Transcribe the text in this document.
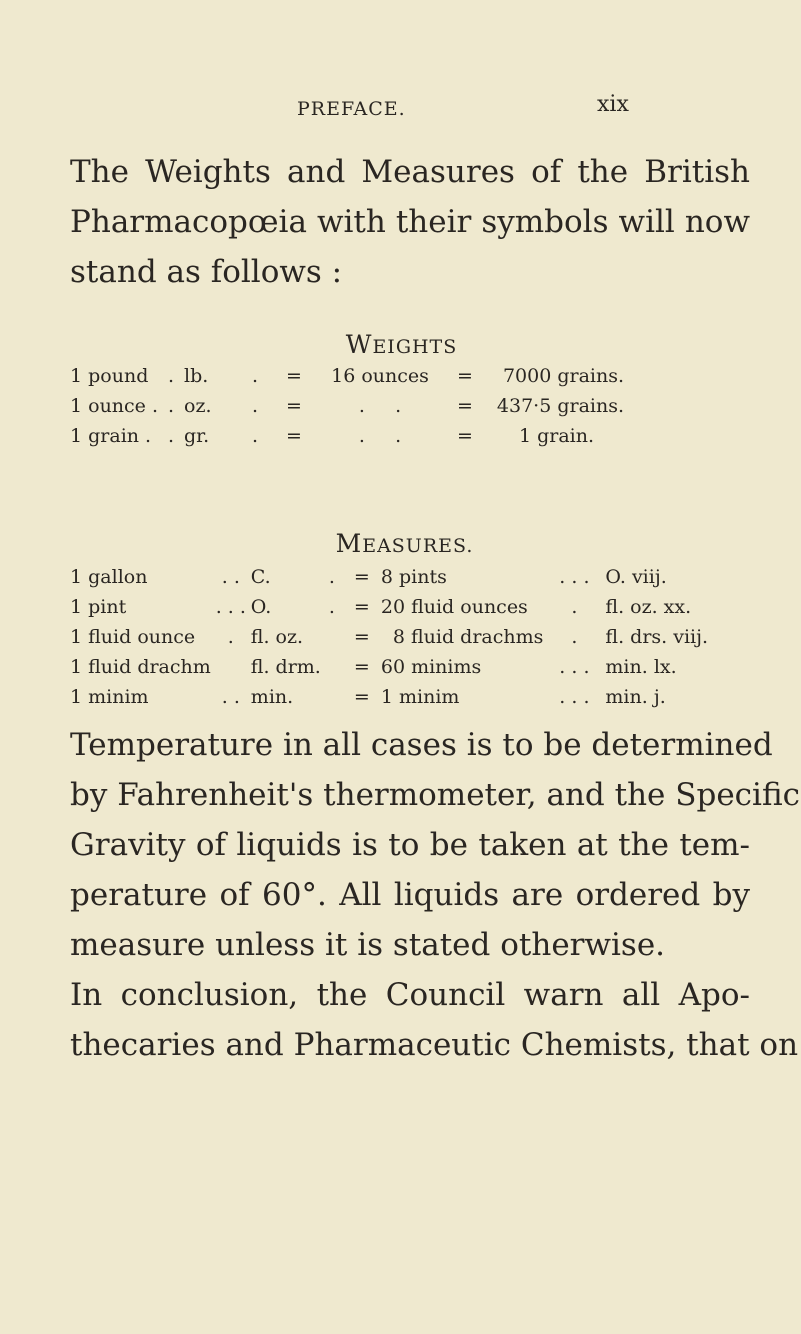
PREFACE.	xix

The Weights and Measures of the British
Pharmacopœia with their symbols will now
stand as follows :

WEIGHTS
1 pound	.	lb.	.	=	16 ounces	=	7000 grains.
1 ounce .	.	oz.	.	=	.     .	=	437·5 grains.
1 grain .	.	gr.	.	=	.     .	=	1 grain.
MEASURES.
1 gallon	. .	C.	.	=	8 pints	. . .	O. viij.
1 pint	. . .	O.	.	=	20 fluid ounces	.	fl. oz. xx.
1 fluid ounce	.	fl. oz.		=	8 fluid drachms	.	fl. drs. viij.
1 fluid drachm		fl. drm.		=	60 minims	. . .	min. lx.
1 minim	. .	min.		=	1 minim	. . .	min. j.

Temperature in all cases is to be determined
by Fahrenheit's thermometer, and the Specific
Gravity of liquids is to be taken at the tem-
perature of 60°. All liquids are ordered by
measure unless it is stated otherwise.

In conclusion, the Council warn all Apo-
thecaries and Pharmaceutic Chemists, that on
